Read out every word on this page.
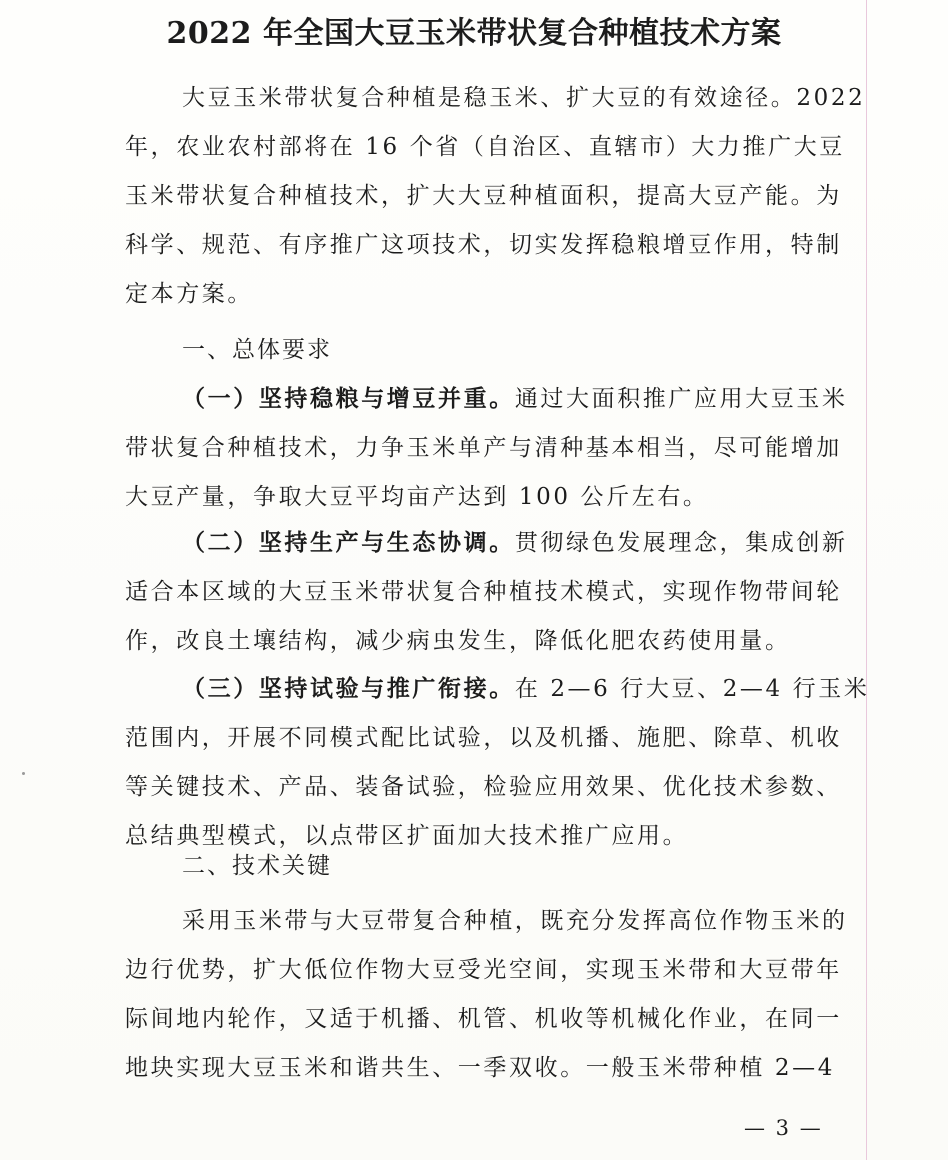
2022 年全国大豆玉米带状复合种植技术方案
大豆玉米带状复合种植是稳玉米、扩大豆的有效途径。2022
年，农业农村部将在 16 个省（自治区、直辖市）大力推广大豆
玉米带状复合种植技术，扩大大豆种植面积，提高大豆产能。为
科学、规范、有序推广这项技术，切实发挥稳粮增豆作用，特制
定本方案。
一、总体要求
（一）坚持稳粮与增豆并重。通过大面积推广应用大豆玉米
带状复合种植技术，力争玉米单产与清种基本相当，尽可能增加
大豆产量，争取大豆平均亩产达到 100 公斤左右。
（二）坚持生产与生态协调。贯彻绿色发展理念，集成创新
适合本区域的大豆玉米带状复合种植技术模式，实现作物带间轮
作，改良土壤结构，减少病虫发生，降低化肥农药使用量。
（三）坚持试验与推广衔接。在 2—6 行大豆、2—4 行玉米
范围内，开展不同模式配比试验，以及机播、施肥、除草、机收
等关键技术、产品、装备试验，检验应用效果、优化技术参数、
总结典型模式，以点带区扩面加大技术推广应用。
二、技术关键
采用玉米带与大豆带复合种植，既充分发挥高位作物玉米的
边行优势，扩大低位作物大豆受光空间，实现玉米带和大豆带年
际间地内轮作，又适于机播、机管、机收等机械化作业，在同一
地块实现大豆玉米和谐共生、一季双收。一般玉米带种植 2—4
— 3 —
